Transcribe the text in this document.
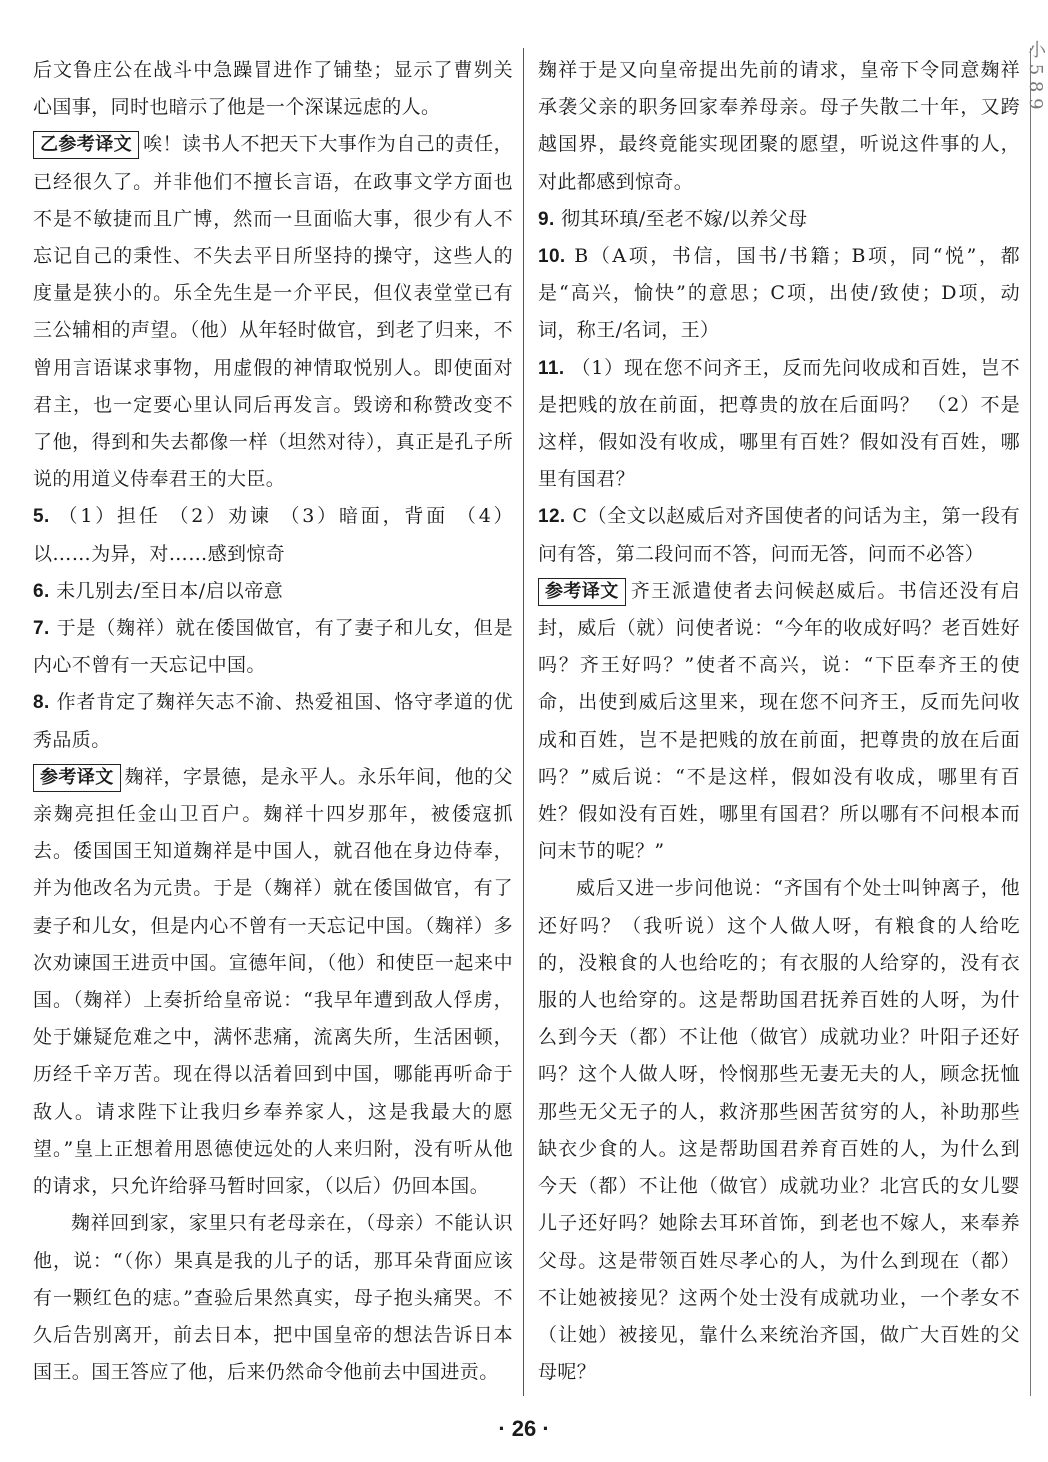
后文鲁庄公在战斗中急躁冒进作了铺垫；显示了曹刿关心国事，同时也暗示了他是一个深谋远虑的人。

乙参考译文 唉！读书人不把天下大事作为自己的责任，已经很久了。并非他们不擅长言语，在政事文学方面也不是不敏捷而且广博，然而一旦面临大事，很少有人不忘记自己的秉性、不失去平日所坚持的操守，这些人的度量是狭小的。乐全先生是一介平民，但仪表堂堂已有三公辅相的声望。（他）从年轻时做官，到老了归来，不曾用言语谋求事物，用虚假的神情取悦别人。即使面对君主，也一定要心里认同后再发言。毁谤和称赞改变不了他，得到和失去都像一样（坦然对待），真正是孔子所说的用道义侍奉君王的大臣。

5. （1）担任 （2）劝谏 （3）暗面，背面 （4）以……为异，对……感到惊奇

6. 未几别去/至日本/启以帝意

7. 于是（麹祥）就在倭国做官，有了妻子和儿女，但是内心不曾有一天忘记中国。

8. 作者肯定了麹祥矢志不渝、热爱祖国、恪守孝道的优秀品质。

参考译文 麹祥，字景德，是永平人。永乐年间，他的父亲麹亮担任金山卫百户。麹祥十四岁那年，被倭寇抓去。倭国国王知道麹祥是中国人，就召他在身边侍奉，并为他改名为元贵。于是（麹祥）就在倭国做官，有了妻子和儿女，但是内心不曾有一天忘记中国。（麹祥）多次劝谏国王进贡中国。宣德年间，（他）和使臣一起来中国。（麹祥）上奏折给皇帝说：“我早年遭到敌人俘虏，处于嫌疑危难之中，满怀悲痛，流离失所，生活困顿，历经千辛万苦。现在得以活着回到中国，哪能再听命于敌人。请求陛下让我归乡奉养家人，这是我最大的愿望。”皇上正想着用恩德使远处的人来归附，没有听从他的请求，只允许给驿马暂时回家，（以后）仍回本国。

麹祥回到家，家里只有老母亲在，（母亲）不能认识他，说：“（你）果真是我的儿子的话，那耳朵背面应该有一颗红色的痣。”查验后果然真实，母子抱头痛哭。不久后告别离开，前去日本，把中国皇帝的想法告诉日本国王。国王答应了他，后来仍然命令他前去中国进贡。

麹祥于是又向皇帝提出先前的请求，皇帝下令同意麹祥承袭父亲的职务回家奉养母亲。母子失散二十年，又跨越国界，最终竟能实现团聚的愿望，听说这件事的人，对此都感到惊奇。

9. 彻其环瑱/至老不嫁/以养父母

10. B（A项，书信，国书/书籍；B项，同“悦”，都是“高兴，愉快”的意思；C项，出使/致使；D项，动词，称王/名词，王）

11. （1）现在您不问齐王，反而先问收成和百姓，岂不是把贱的放在前面，把尊贵的放在后面吗？ （2）不是这样，假如没有收成，哪里有百姓？假如没有百姓，哪里有国君？

12. C（全文以赵威后对齐国使者的问话为主，第一段有问有答，第二段问而不答，问而无答，问而不必答）

参考译文 齐王派遣使者去问候赵威后。书信还没有启封，威后（就）问使者说：“今年的收成好吗？老百姓好吗？齐王好吗？”使者不高兴，说：“下臣奉齐王的使命，出使到威后这里来，现在您不问齐王，反而先问收成和百姓，岂不是把贱的放在前面，把尊贵的放在后面吗？”威后说：“不是这样，假如没有收成，哪里有百姓？假如没有百姓，哪里有国君？所以哪有不问根本而问末节的呢？”

威后又进一步问他说：“齐国有个处士叫钟离子，他还好吗？（我听说）这个人做人呀，有粮食的人给吃的，没粮食的人也给吃的；有衣服的人给穿的，没有衣服的人也给穿的。这是帮助国君抚养百姓的人呀，为什么到今天（都）不让他（做官）成就功业？叶阳子还好吗？这个人做人呀，怜悯那些无妻无夫的人，顾念抚恤那些无父无子的人，救济那些困苦贫穷的人，补助那些缺衣少食的人。这是帮助国君养育百姓的人，为什么到今天（都）不让他（做官）成就功业？北宫氏的女儿婴儿子还好吗？她除去耳环首饰，到老也不嫁人，来奉养父母。这是带领百姓尽孝心的人，为什么到现在（都）不让她被接见？这两个处士没有成就功业，一个孝女不（让她）被接见，靠什么来统治齐国，做广大百姓的父母呢？

小 5 8 9
· 26 ·
